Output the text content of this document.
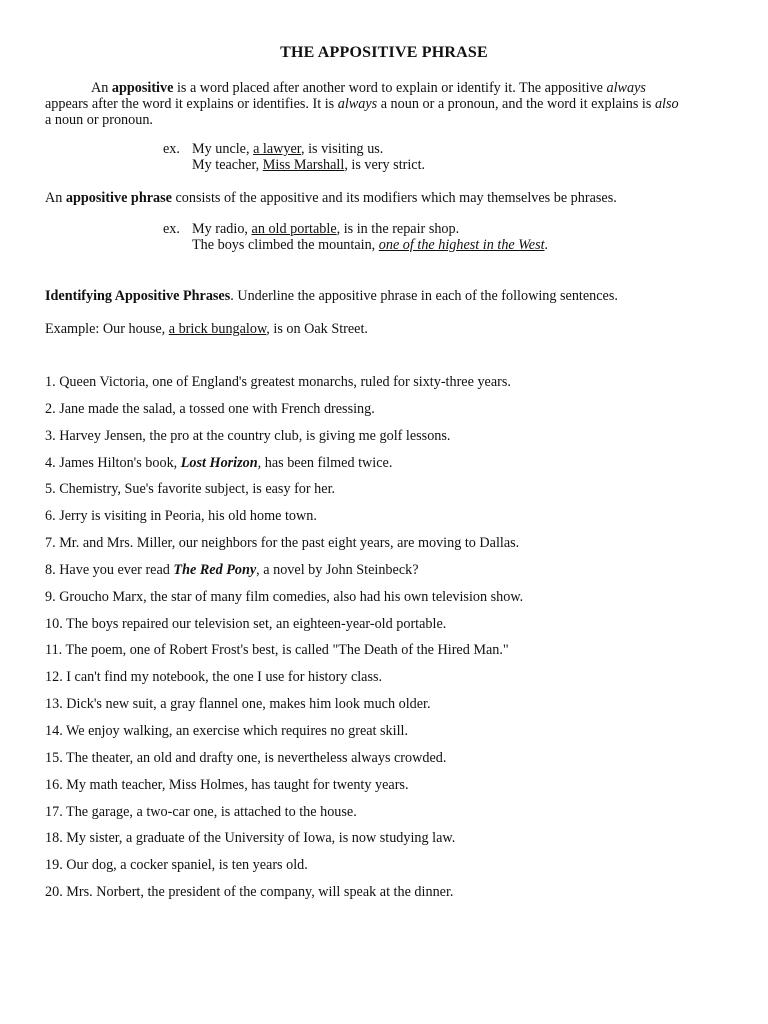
THE APPOSITIVE PHRASE
An appositive is a word placed after another word to explain or identify it. The appositive always
appears after the word it explains or identifies. It is always a noun or a pronoun, and the word it explains is also
a noun or pronoun.
ex. My uncle, a lawyer, is visiting us.
My teacher, Miss Marshall, is very strict.
An appositive phrase consists of the appositive and its modifiers which may themselves be phrases.
ex. My radio, an old portable, is in the repair shop.
The boys climbed the mountain, one of the highest in the West.
Identifying Appositive Phrases. Underline the appositive phrase in each of the following sentences.
Example: Our house, a brick bungalow, is on Oak Street.
1. Queen Victoria, one of England's greatest monarchs, ruled for sixty-three years.
2. Jane made the salad, a tossed one with French dressing.
3. Harvey Jensen, the pro at the country club, is giving me golf lessons.
4. James Hilton's book, Lost Horizon, has been filmed twice.
5. Chemistry, Sue's favorite subject, is easy for her.
6. Jerry is visiting in Peoria, his old home town.
7. Mr. and Mrs. Miller, our neighbors for the past eight years, are moving to Dallas.
8. Have you ever read The Red Pony, a novel by John Steinbeck?
9. Groucho Marx, the star of many film comedies, also had his own television show.
10. The boys repaired our television set, an eighteen-year-old portable.
11. The poem, one of Robert Frost's best, is called "The Death of the Hired Man."
12. I can't find my notebook, the one I use for history class.
13. Dick's new suit, a gray flannel one, makes him look much older.
14. We enjoy walking, an exercise which requires no great skill.
15. The theater, an old and drafty one, is nevertheless always crowded.
16. My math teacher, Miss Holmes, has taught for twenty years.
17. The garage, a two-car one, is attached to the house.
18. My sister, a graduate of the University of Iowa, is now studying law.
19. Our dog, a cocker spaniel, is ten years old.
20. Mrs. Norbert, the president of the company, will speak at the dinner.
